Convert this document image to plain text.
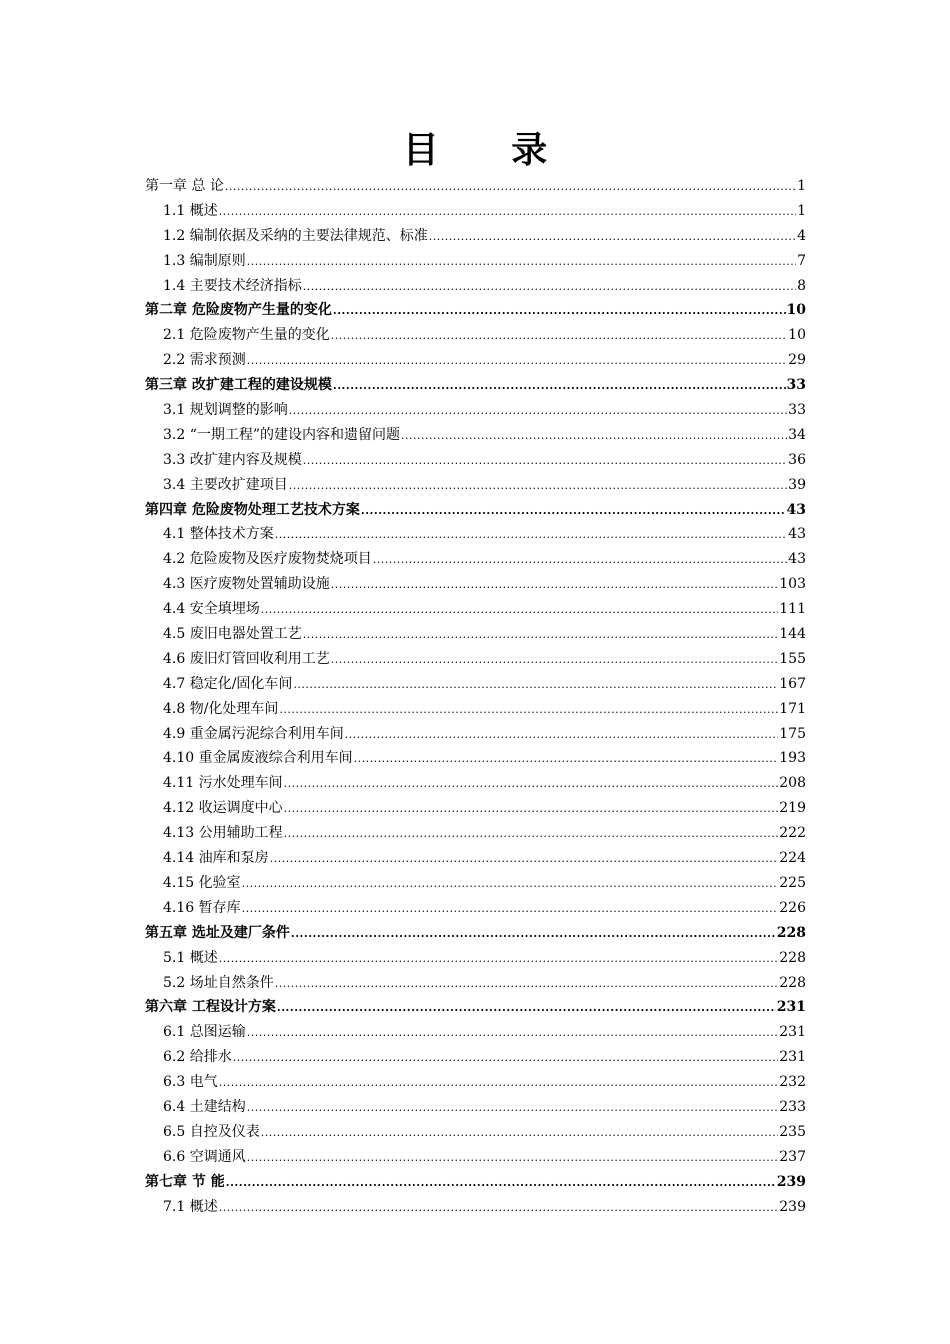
目 录
第一章 总 论 .....	1
1.1 概述 .....	1
1.2 编制依据及采纳的主要法律规范、标准 .....	4
1.3 编制原则 .....	7
1.4 主要技术经济指标 .....	8
第二章 危险废物产生量的变化 .....	10
2.1 危险废物产生量的变化 .....	10
2.2 需求预测 .....	29
第三章 改扩建工程的建设规模 .....	33
3.1 规划调整的影响 .....	33
3.2 “一期工程”的建设内容和遗留问题 .....	34
3.3 改扩建内容及规模 .....	36
3.4 主要改扩建项目 .....	39
第四章 危险废物处理工艺技术方案 .....	43
4.1 整体技术方案 .....	43
4.2 危险废物及医疗废物焚烧项目 .....	43
4.3 医疗废物处置辅助设施 .....	103
4.4 安全填埋场 .....	111
4.5 废旧电器处置工艺 .....	144
4.6 废旧灯管回收利用工艺 .....	155
4.7 稳定化/固化车间 .....	167
4.8 物/化处理车间 .....	171
4.9 重金属污泥综合利用车间 .....	175
4.10 重金属废液综合利用车间 .....	193
4.11 污水处理车间 .....	208
4.12 收运调度中心 .....	219
4.13 公用辅助工程 .....	222
4.14 油库和泵房 .....	224
4.15 化验室 .....	225
4.16 暂存库 .....	226
第五章 选址及建厂条件 .....	228
5.1 概述 .....	228
5.2 场址自然条件 .....	228
第六章 工程设计方案 .....	231
6.1 总图运输 .....	231
6.2 给排水 .....	231
6.3 电气 .....	232
6.4 土建结构 .....	233
6.5 自控及仪表 .....	235
6.6 空调通风 .....	237
第七章 节 能 .....	239
7.1 概述 .....	239
